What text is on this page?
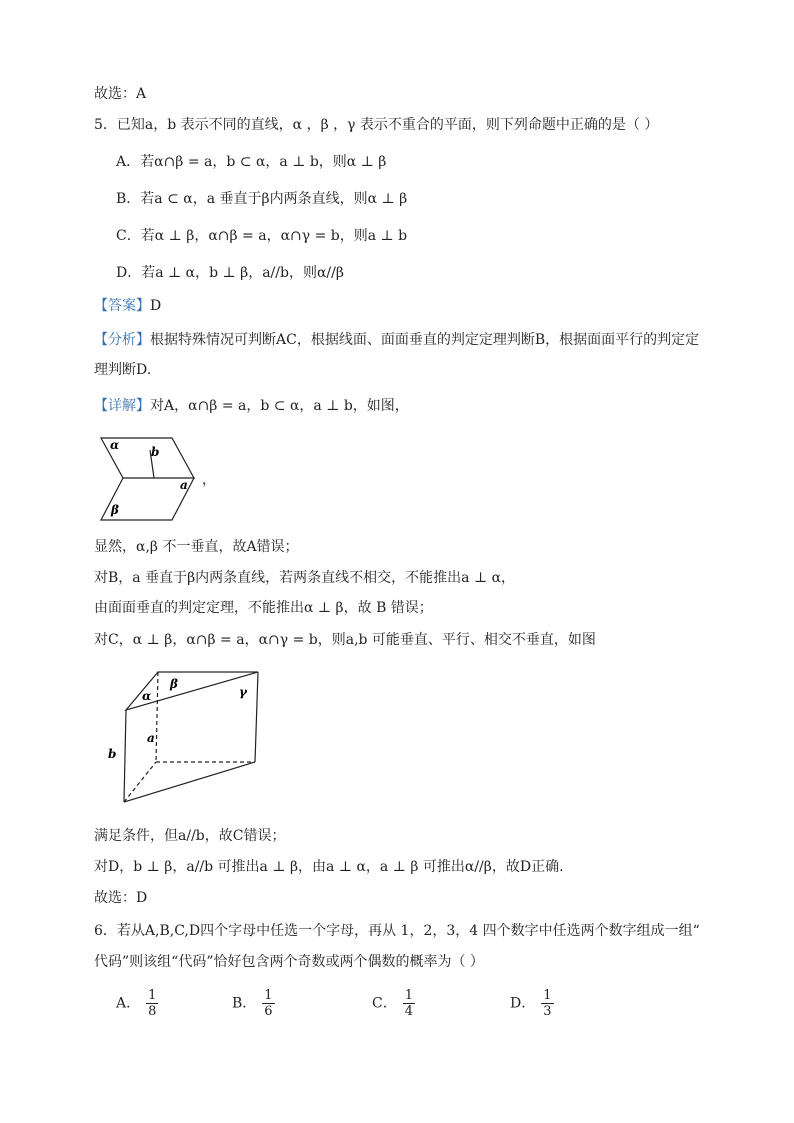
故选：A
5．已知a，b 表示不同的直线，α ，β ，γ 表示不重合的平面，则下列命题中正确的是（ ）
A．若α∩β = a，b ⊂ α，a ⊥ b，则α ⊥ β
B．若a ⊂ α，a 垂直于β内两条直线，则α ⊥ β
C．若α ⊥ β，α∩β = a，α∩γ = b，则a ⊥ b
D．若a ⊥ α，b ⊥ β，a//b，则α//β
【答案】D
【分析】根据特殊情况可判断AC，根据线面、面面垂直的判定定理判断B，根据面面平行的判定定
理判断D.
【详解】对A，α∩β = a，b ⊂ α，a ⊥ b，如图，
α	b
a
β
，
显然，α,β 不一垂直，故A错误；
对B，a 垂直于β内两条直线，若两条直线不相交，不能推出a ⊥ α，
由面面垂直的判定定理，不能推出α ⊥ β，故 B 错误；
对C，α ⊥ β，α∩β = a，α∩γ = b，则a,b 可能垂直、平行、相交不垂直，如图
α
β
γ
a
b
满足条件，但a//b，故C错误；
对D，b ⊥ β，a//b 可推出a ⊥ β，由a ⊥ α，a ⊥ β 可推出α//β，故D正确.
故选：D
6．若从A,B,C,D四个字母中任选一个字母，再从 1，2，3，4 四个数字中任选两个数字组成一组“
代码”则该组“代码”恰好包含两个奇数或两个偶数的概率为（ ）
A． $\frac{1}{8}$	B． $\frac{1}{6}$	C． $\frac{1}{4}$	D． $\frac{1}{3}$
